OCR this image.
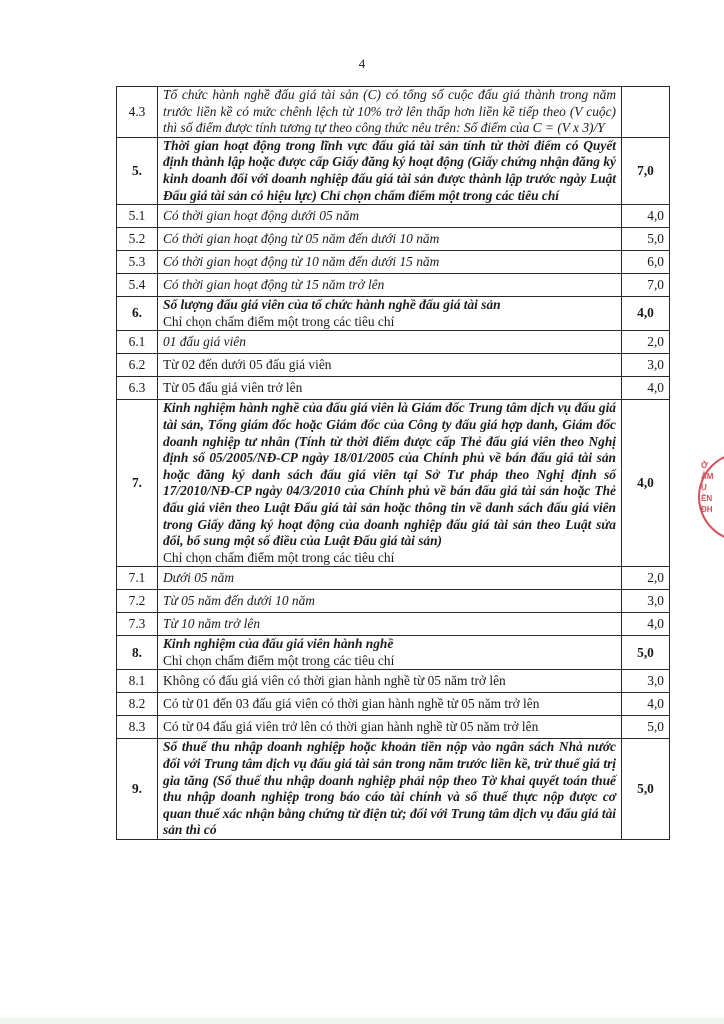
4
4.3	Tổ chức hành nghề đấu giá tài sản (C) có tổng số cuộc đấu giá thành trong năm trước liền kề có mức chênh lệch từ 10% trở lên thấp hơn liền kề tiếp theo (V cuộc) thì số điểm được tính tương tự theo công thức nêu trên: Số điểm của C = (V x 3)/Y	
5.	Thời gian hoạt động trong lĩnh vực đấu giá tài sản tính từ thời điểm có Quyết định thành lập hoặc được cấp Giấy đăng ký hoạt động (Giấy chứng nhận đăng ký kinh doanh đối với doanh nghiệp đấu giá tài sản được thành lập trước ngày Luật Đấu giá tài sản có hiệu lực) Chỉ chọn chấm điểm một trong các tiêu chí	7,0
5.1	Có thời gian hoạt động dưới 05 năm	4,0
5.2	Có thời gian hoạt động từ 05 năm đến dưới 10 năm	5,0
5.3	Có thời gian hoạt động từ 10 năm đến dưới 15 năm	6,0
5.4	Có thời gian hoạt động từ 15 năm trở lên	7,0
6.	Số lượng đấu giá viên của tổ chức hành nghề đấu giá tài sản
Chỉ chọn chấm điểm một trong các tiêu chí	4,0
6.1	01 đấu giá viên	2,0
6.2	Từ 02 đến dưới 05 đấu giá viên	3,0
6.3	Từ 05 đấu giá viên trở lên	4,0
7.	Kinh nghiệm hành nghề của đấu giá viên là Giám đốc Trung tâm dịch vụ đấu giá tài sản, Tổng giám đốc hoặc Giám đốc của Công ty đấu giá hợp danh, Giám đốc doanh nghiệp tư nhân (Tính từ thời điểm được cấp Thẻ đấu giá viên theo Nghị định số 05/2005/NĐ-CP ngày 18/01/2005 của Chính phủ về bán đấu giá tài sản hoặc đăng ký danh sách đấu giá viên tại Sở Tư pháp theo Nghị định số 17/2010/NĐ-CP ngày 04/3/2010 của Chính phủ về bán đấu giá tài sản hoặc Thẻ đấu giá viên theo Luật Đấu giá tài sản hoặc thông tin về danh sách đấu giá viên trong Giấy đăng ký hoạt động của doanh nghiệp đấu giá tài sản theo Luật sửa đổi, bổ sung một số điều của Luật Đấu giá tài sản)
Chỉ chọn chấm điểm một trong các tiêu chí	4,0
7.1	Dưới 05 năm	2,0
7.2	Từ 05 năm đến dưới 10 năm	3,0
7.3	Từ 10 năm trở lên	4,0
8.	Kinh nghiệm của đấu giá viên hành nghề
Chỉ chọn chấm điểm một trong các tiêu chí	5,0
8.1	Không có đấu giá viên có thời gian hành nghề từ 05 năm trở lên	3,0
8.2	Có từ 01 đến 03 đấu giá viên có thời gian hành nghề từ 05 năm trở lên	4,0
8.3	Có từ 04 đấu giá viên trở lên có thời gian hành nghề từ 05 năm trở lên	5,0
9.	Số thuế thu nhập doanh nghiệp hoặc khoản tiền nộp vào ngân sách Nhà nước đối với Trung tâm dịch vụ đấu giá tài sản trong năm trước liền kề, trừ thuế giá trị gia tăng (Số thuế thu nhập doanh nghiệp phải nộp theo Tờ khai quyết toán thuế thu nhập doanh nghiệp trong báo cáo tài chính và số thuế thực nộp được cơ quan thuế xác nhận bằng chứng từ điện tử; đối với Trung tâm dịch vụ đấu giá tài sản thì có	5,0
Ở
ÂM
U
ỀN
ĐH
